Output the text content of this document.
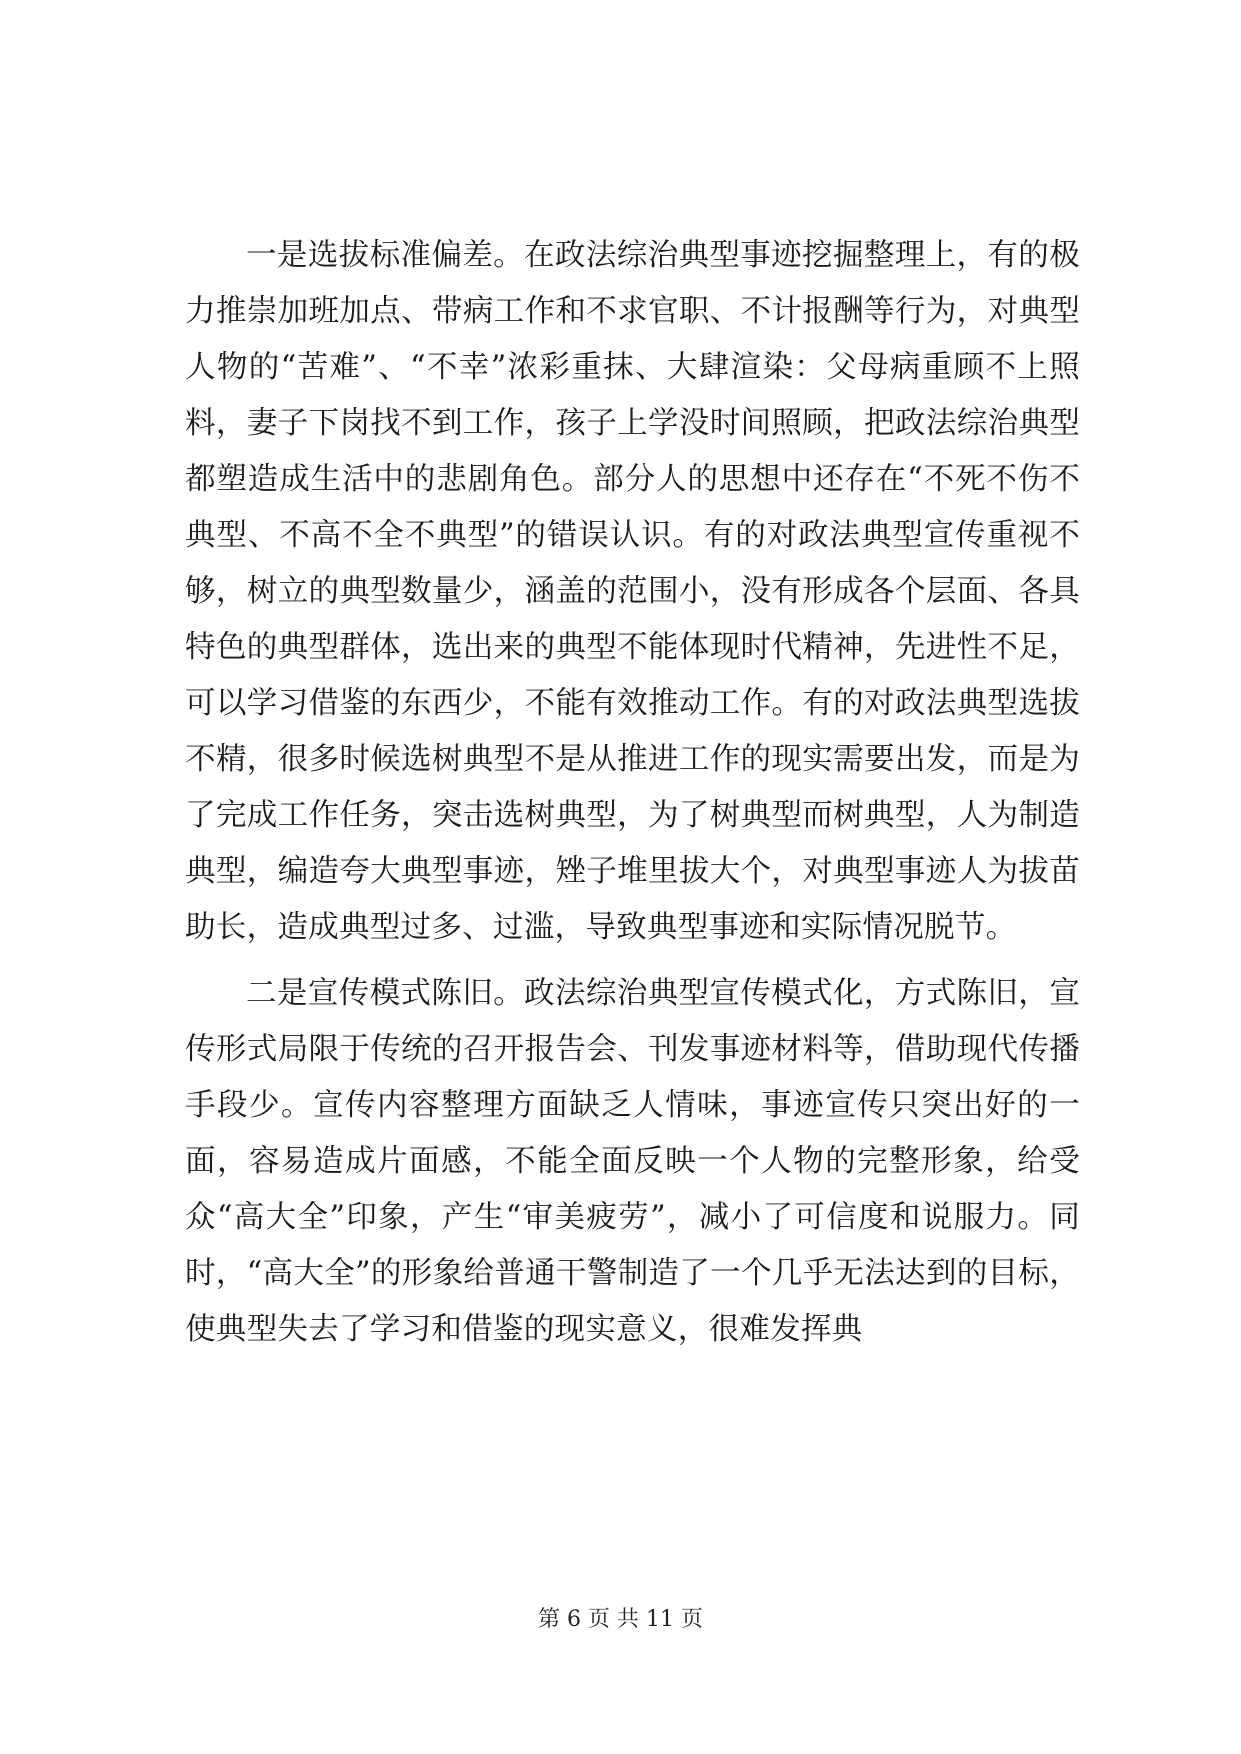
一是选拔标准偏差。在政法综治典型事迹挖掘整理上，有的极力推崇加班加点、带病工作和不求官职、不计报酬等行为，对典型人物的“苦难”、“不幸”浓彩重抹、大肆渲染：父母病重顾不上照料，妻子下岗找不到工作，孩子上学没时间照顾，把政法综治典型都塑造成生活中的悲剧角色。部分人的思想中还存在“不死不伤不典型、不高不全不典型”的错误认识。有的对政法典型宣传重视不够，树立的典型数量少，涵盖的范围小，没有形成各个层面、各具特色的典型群体，选出来的典型不能体现时代精神，先进性不足，可以学习借鉴的东西少，不能有效推动工作。有的对政法典型选拔不精，很多时候选树典型不是从推进工作的现实需要出发，而是为了完成工作任务，突击选树典型，为了树典型而树典型，人为制造典型，编造夸大典型事迹，矬子堆里拔大个，对典型事迹人为拔苗助长，造成典型过多、过滥，导致典型事迹和实际情况脱节。

二是宣传模式陈旧。政法综治典型宣传模式化，方式陈旧，宣传形式局限于传统的召开报告会、刊发事迹材料等，借助现代传播手段少。宣传内容整理方面缺乏人情味，事迹宣传只突出好的一面，容易造成片面感，不能全面反映一个人物的完整形象，给受众“高大全”印象，产生“审美疲劳”，减小了可信度和说服力。同时，“高大全”的形象给普通干警制造了一个几乎无法达到的目标，使典型失去了学习和借鉴的现实意义，很难发挥典

第 6 页 共 11 页
